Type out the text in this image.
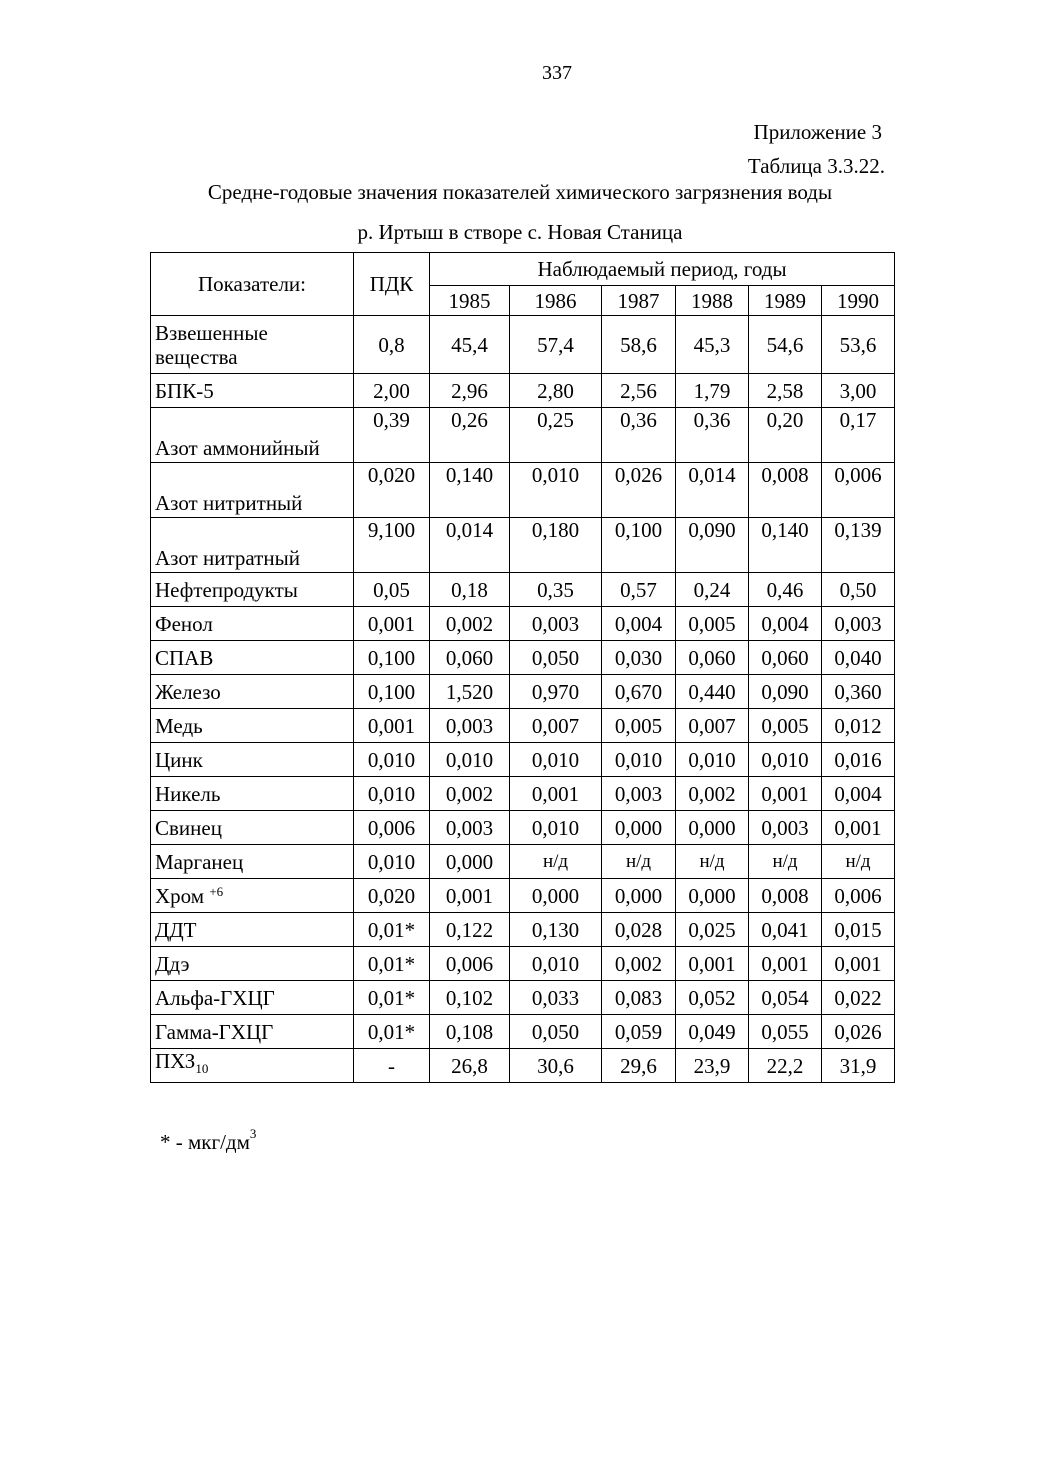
337
Приложение 3
Таблица 3.3.22.
Средне-годовые значения показателей химического загрязнения воды
р. Иртыш в створе с. Новая Станица
Показатели:	ПДК	Наблюдаемый период, годы					
		1985	1986	1987	1988	1989	1990
Взвешенные вещества	0,8	45,4	57,4	58,6	45,3	54,6	53,6
БПК-5	2,00	2,96	2,80	2,56	1,79	2,58	3,00
Азот аммонийный	0,39	0,26	0,25	0,36	0,36	0,20	0,17
Азот нитритный	0,020	0,140	0,010	0,026	0,014	0,008	0,006
Азот нитратный	9,100	0,014	0,180	0,100	0,090	0,140	0,139
Нефтепродукты	0,05	0,18	0,35	0,57	0,24	0,46	0,50
Фенол	0,001	0,002	0,003	0,004	0,005	0,004	0,003
СПАВ	0,100	0,060	0,050	0,030	0,060	0,060	0,040
Железо	0,100	1,520	0,970	0,670	0,440	0,090	0,360
Медь	0,001	0,003	0,007	0,005	0,007	0,005	0,012
Цинк	0,010	0,010	0,010	0,010	0,010	0,010	0,016
Никель	0,010	0,002	0,001	0,003	0,002	0,001	0,004
Свинец	0,006	0,003	0,010	0,000	0,000	0,003	0,001
Марганец	0,010	0,000	н/д	н/д	н/д	н/д	н/д
Хром $^{+6}$	0,020	0,001	0,000	0,000	0,000	0,008	0,006
ДДТ	0,01*	0,122	0,130	0,028	0,025	0,041	0,015
Ддэ	0,01*	0,006	0,010	0,002	0,001	0,001	0,001
Альфа-ГХЦГ	0,01*	0,102	0,033	0,083	0,052	0,054	0,022
Гамма-ГХЦГ	0,01*	0,108	0,050	0,059	0,049	0,055	0,026
$ПХЗ_{10}$	-	26,8	30,6	29,6	23,9	22,2	31,9
* - мкг/$дм^3$
